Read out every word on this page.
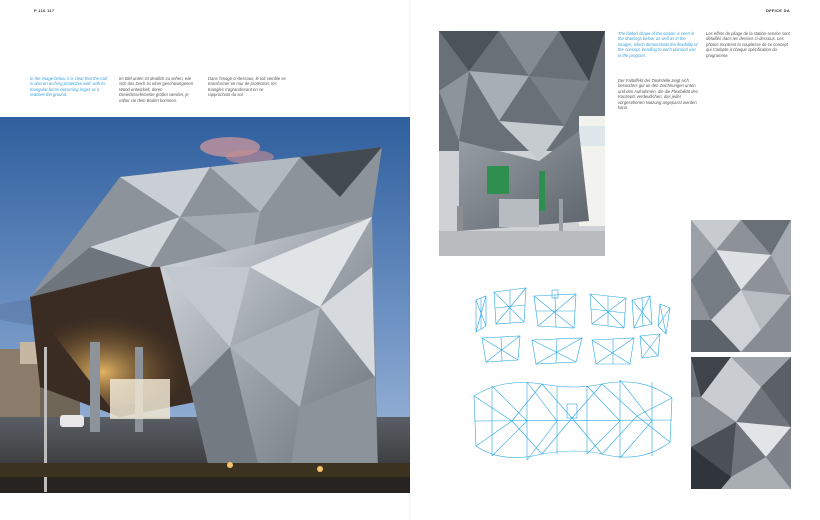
P 116 117	OFFICE DA
In the image below, it is clear that the roof is also an arching protective wall, with its triangular forms becoming larger as it reaches the ground.
Im Bild unten ist deutlich zu sehen, wie sich das Dach zu einer geschwungenen Wand entwickelt, deren Dreiecksselemente größer werden, je näher sie dem Boden kommen.
Dans l'image ci-dessous, le toit semble se transformer en mur de protection, les triangles s'agrandissant en se rapprochant du sol.
The folded shape of the station is seen in the drawings below, as well as in the images, which demonstrate the flexibility of the concept, bending to each planned use in the program.
Les effets de pliage de la station-service sont détaillés dans les dessins ci-dessous. Les photos montrent la souplesse de ce concept qui s'adapte à chaque spécification du programme.
Der Faltoffekt der Tankstelle zeigt sich besonders gut an den Zeichnungen unten und den Aufnahmen, die die Flexibilität des Konzepts verdeutlichen, das jeder vorgesehenen Nutzung angepasst werden kann.
